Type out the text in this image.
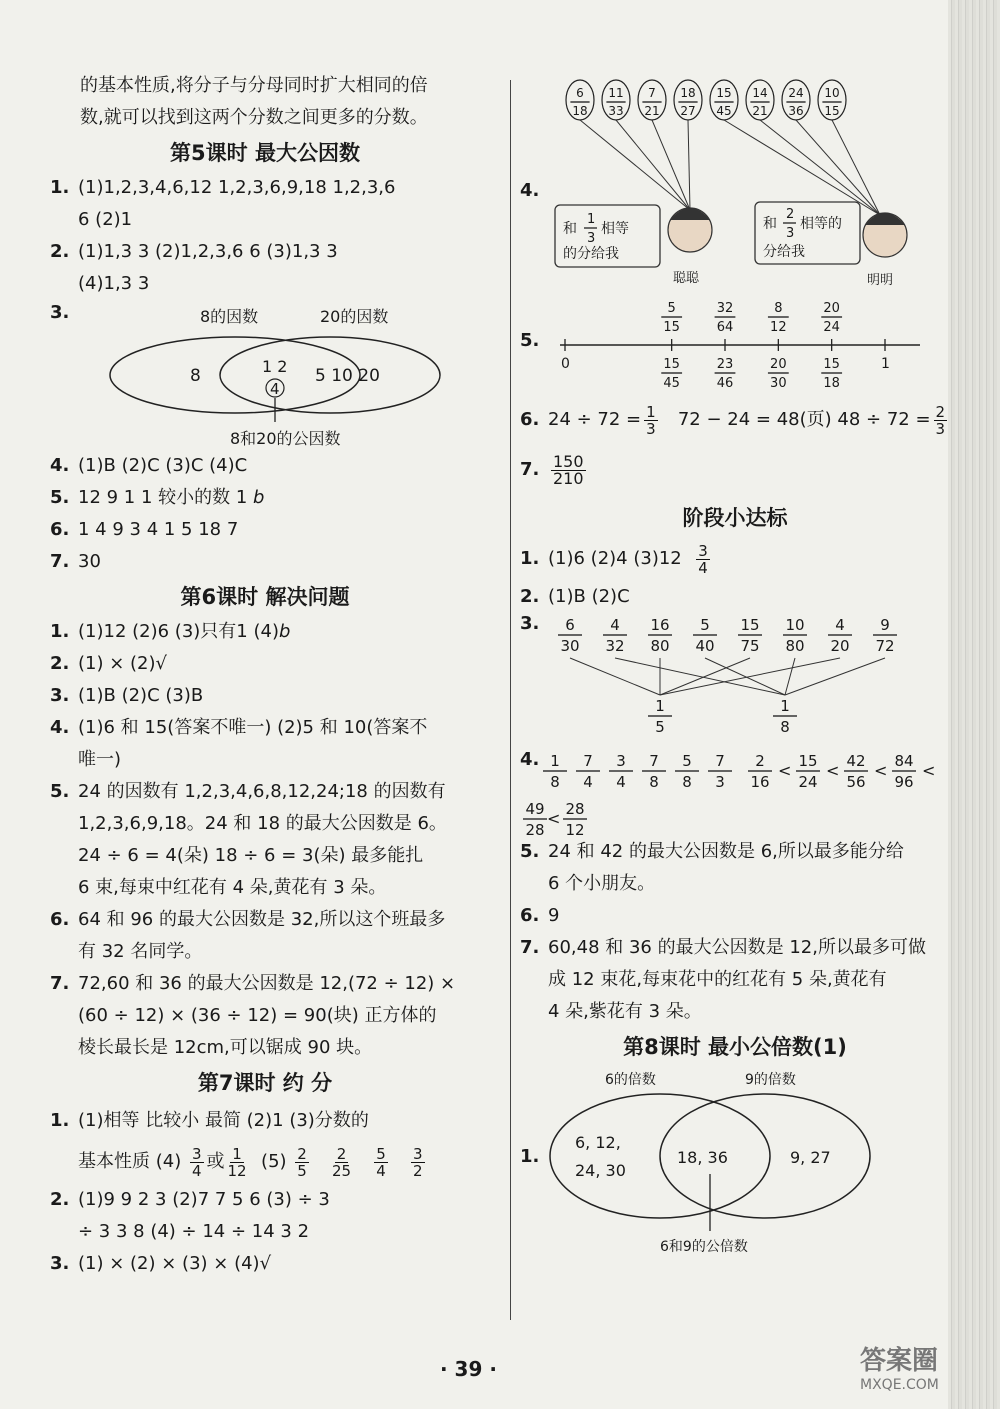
的基本性质,将分子与分母同时扩大相同的倍
数,就可以找到这两个分数之间更多的分数。
第5课时 最大公因数
1. (1)1,2,3,4,6,12 1,2,3,6,9,18 1,2,3,6
6 (2)1
2. (1)1,3 3 (2)1,2,3,6 6 (3)1,3 3
(4)1,3 3
3.	8的因数	20的因数
8	1 2
4
5 10 20
8和20的公因数
4. (1)B (2)C (3)C (4)C
5. 12 9 1 1 较小的数 1 b
6. 1 4 9 3 4 1 5 18 7
7. 30
第6课时 解决问题
1. (1)12 (2)6 (3)只有1 (4)b
2. (1) × (2)√
3. (1)B (2)C (3)B
4. (1)6 和 15(答案不唯一) (2)5 和 10(答案不
唯一)
5. 24 的因数有 1,2,3,4,6,8,12,24;18 的因数有
1,2,3,6,9,18。24 和 18 的最大公因数是 6。
24 ÷ 6 = 4(朵) 18 ÷ 6 = 3(朵) 最多能扎
6 束,每束中红花有 4 朵,黄花有 3 朵。
6. 64 和 96 的最大公因数是 32,所以这个班最多
有 32 名同学。
7. 72,60 和 36 的最大公因数是 12,(72 ÷ 12) ×
(60 ÷ 12) × (36 ÷ 12) = 90(块) 正方体的
棱长最长是 12cm,可以锯成 90 块。
第7课时 约 分
1. (1)相等 比较小 最简 (2)1 (3)分数的
基本性质 $(4) \frac{3}{4}$ 或 $\frac{1}{12} (5) \frac{2}{5}$
$\frac{2}{25}$
$\frac{5}{4}$
$\frac{3}{2}$
2. (1)9 9 2 3 (2)7 7 5 6 (3) ÷ 3
÷ 3 3 8 (4) ÷ 14 ÷ 14 3 2
3. (1) × (2) × (3) × (4)√
4.
6
18
11
33
7
21
18
27
15
45
14
21
24
36
10
15
和
1
3
相等
的分给我
聪聪
和
2
3
相等的
分给我
明明
5.
0	1
5
15
15
45
32
64
23
46
8
12
20
30
20
24
15
18
6. $24 \div 72 = \frac{1}{3} 72 - 24 = 48$(页) $48 \div 72 = \frac{2}{3}$
7. $\frac{150}{210}$
阶段小达标
1. (1)6 (2)4 $(3)12 \frac{3}{4}$
2. (1)B (2)C
3.	6
30
4
32
16
80
5
40
15
75
10
80
4
20
9
72
1
5
1
8
4. 1
8
7
4
3
4
7
8
5
8
7
3
2
16
< 15
24
< 42
56
< 84
96
<
49
28
28
12
<
5. 24 和 42 的最大公因数是 6,所以最多能分给
6 个小朋友。
6. 9
7. 60,48 和 36 的最大公因数是 12,所以最多可做
成 12 束花,每束花中的红花有 5 朵,黄花有
4 朵,紫花有 3 朵。
第8课时 最小公倍数(1)
1.
6的倍数	9的倍数
6, 12,
24, 30
18, 36	9, 27
6和9的公倍数
· 39 ·	答案圈
MXQE.COM
